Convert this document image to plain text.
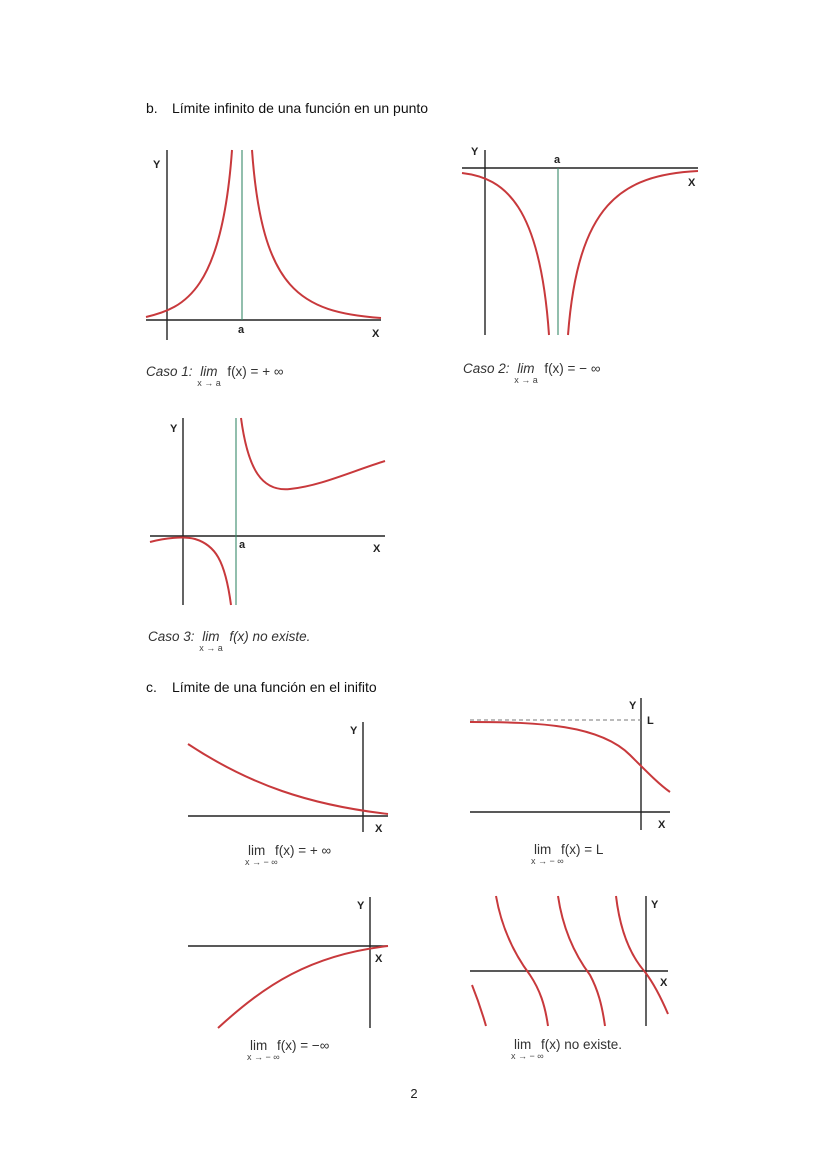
b. Límite infinito de una función en un punto
Y
X
a
Y
a
X
Y
a	X
Y
X
Y
L
X
Y
X
Y
X
Caso 1: lim
x → a
f(x) = + ∞	Caso 2: lim
x → a
f(x) = − ∞
Caso 3: lim
x → a
f(x) no existe.
c. Límite de una función en el inifito
lim
x → − ∞
f(x) = + ∞	lim
x → − ∞
f(x) = L
lim
x → − ∞
f(x) = −∞	lim
x → − ∞
f(x) no existe.
2
